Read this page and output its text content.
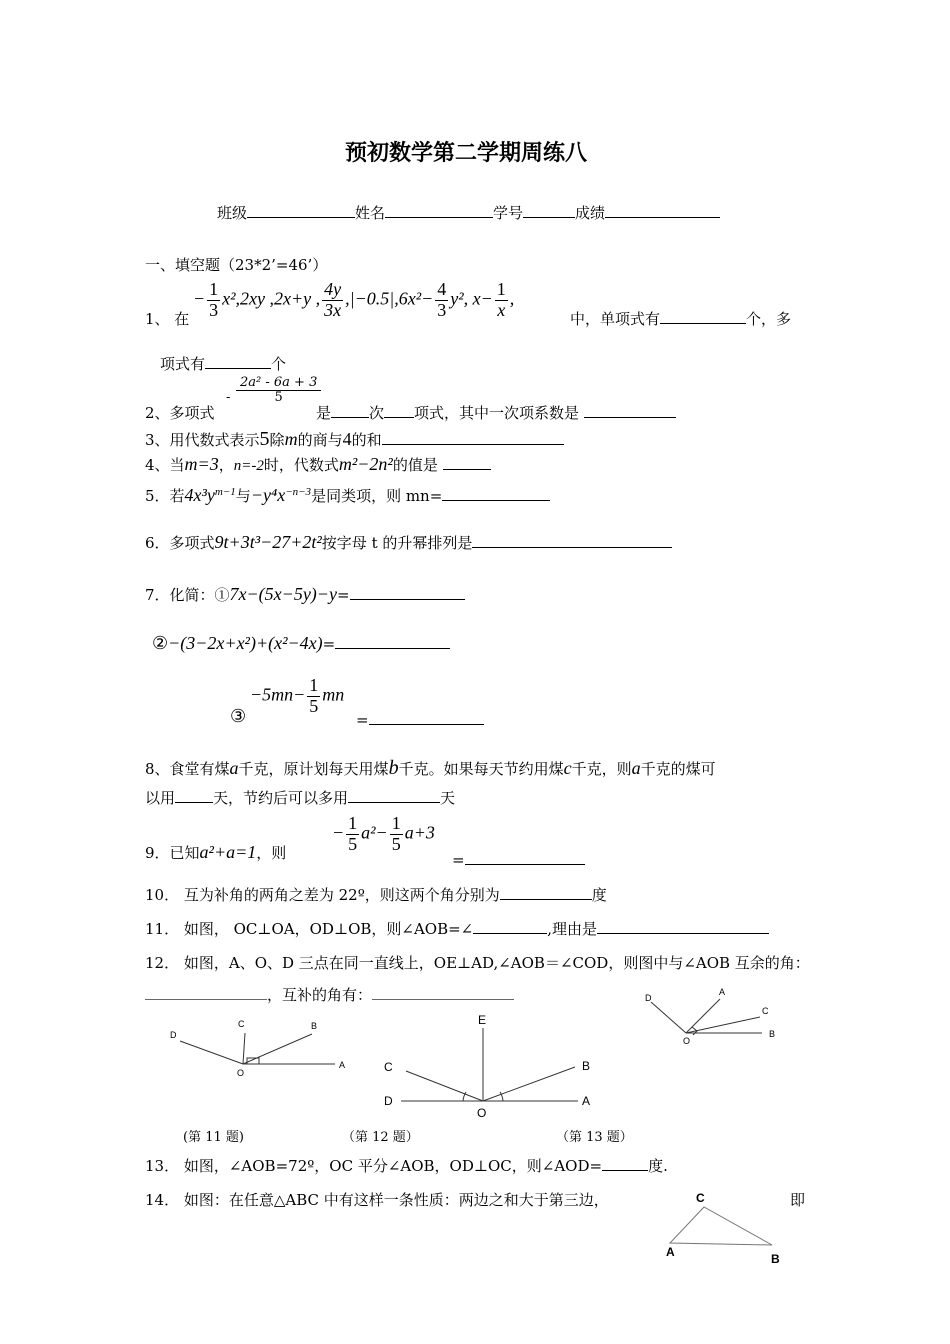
预初数学第二学期周练八
班级	姓名	学号	成绩
一、填空题（23*2’=46’）
1、 在
− $\frac{1}{3} x^2,2xy$ ,2x+y , $\frac{4y}{3x} ,|-0.5|,6x^2- \frac{4}{3} y^2$, $x- \frac{1}{x}$ ,
中，单项式有	个，多
项式有	个
2、多项式
- $\frac{\text{2a² - 6a + 3}}{5}$
是	次 项式，其中一次项系数是
3、用代数式表示5除m的商与4的和
4、当m=3，n=-2时，代数式m²−2n²的值是
5．若$4x^3y^{m-1}$与$-y^4x^{-n-3}$是同类项，则 mn=
6．多项式9t+3t³−27+2t²按字母 t 的升幂排列是
7．化简：①7x−(5x−5y)−y=
②−(3−2x+x²)+(x²−4x)=
③
$-5mn- \frac{1}{5}$ mn
=
8、食堂有煤a千克，原计划每天用煤b千克。如果每天节约用煤c千克，则a千克的煤可
以用	天，节约后可以多用	天
9．已知a²+a=1，则
− $\frac{1}{5} a^2- \frac{1}{5} a+3$
=
10． 互为补角的两角之差为 22º，则这两个角分别为	度
11． 如图， OC⊥OA，OD⊥OB，则∠AOB=∠	,理由是
12． 如图，A、O、D 三点在同一直线上，OE⊥AD,∠AOB＝∠COD，则图中与∠AOB 互余的角：
，互补的角有：
D
C	B
A
O
E
C	B
D	A
O
D
A
C
O
B
C
A	B
(第 11 题)	（第 12 题）	（第 13 题）
13． 如图，∠AOB=72º，OC 平分∠AOB，OD⊥OC，则∠AOD=	度.
14． 如图：在任意△ABC 中有这样一条性质：两边之和大于第三边，	即
